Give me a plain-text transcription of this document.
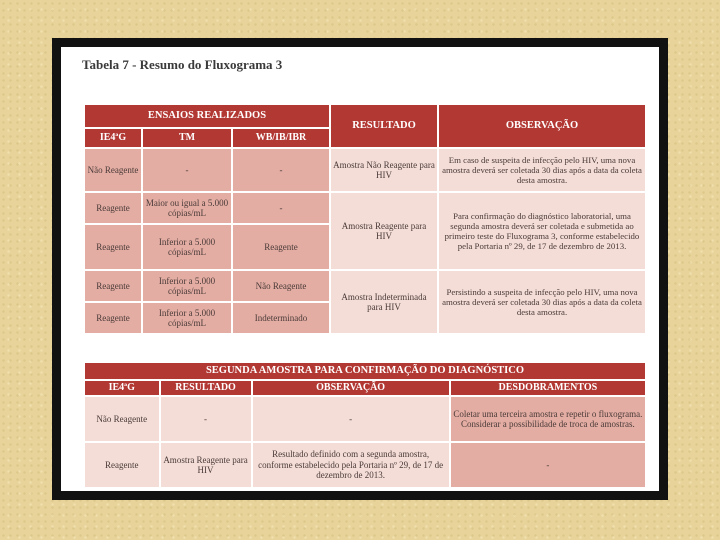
Tabela 7 - Resumo do Fluxograma 3
ENSAIOS REALIZADOS			RESULTADO	OBSERVAÇÃO
IE4ªG	TM	WB/IB/IBR		
Não Reagente	-	-	Amostra Não Reagente para HIV	Em caso de suspeita de infecção pelo HIV, uma nova amostra deverá ser coletada 30 dias após a data da coleta desta amostra.
Reagente	Maior ou igual a 5.000 cópias/mL	-	Amostra Reagente para HIV	Para confirmação do diagnóstico laboratorial, uma segunda amostra deverá ser coletada e submetida ao primeiro teste do Fluxograma 3, conforme estabelecido pela Portaria nº 29, de 17 de dezembro de 2013.
Reagente	Inferior a 5.000 cópias/mL	Reagente		
Reagente	Inferior a 5.000 cópias/mL	Não Reagente	Amostra Indeterminada para HIV	Persistindo a suspeita de infecção pelo HIV, uma nova amostra deverá ser coletada 30 dias após a data da coleta desta amostra.
Reagente	Inferior a 5.000 cópias/mL	Indeterminado		
SEGUNDA AMOSTRA PARA CONFIRMAÇÃO DO DIAGNÓSTICO			
IE4ªG	RESULTADO	OBSERVAÇÃO	DESDOBRAMENTOS
Não Reagente	-	-	Coletar uma terceira amostra e repetir o fluxograma. Considerar a possibilidade de troca de amostras.
Reagente	Amostra Reagente para HIV	Resultado definido com a segunda amostra, conforme estabelecido pela Portaria nº 29, de 17 de dezembro de 2013.	-
